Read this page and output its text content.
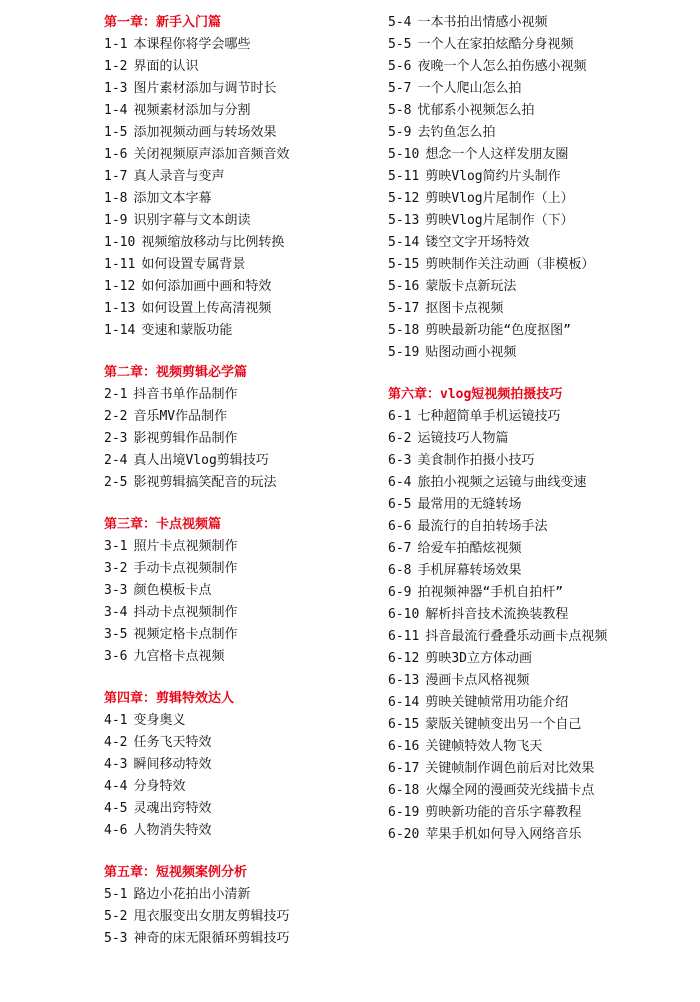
第一章：新手入门篇
1-1 本课程你将学会哪些
1-2 界面的认识
1-3 图片素材添加与调节时长
1-4 视频素材添加与分割
1-5 添加视频动画与转场效果
1-6 关闭视频原声添加音频音效
1-7 真人录音与变声
1-8 添加文本字幕
1-9 识别字幕与文本朗读
1-10 视频缩放移动与比例转换
1-11 如何设置专属背景
1-12 如何添加画中画和特效
1-13 如何设置上传高清视频
1-14 变速和蒙版功能
第二章：视频剪辑必学篇
2-1 抖音书单作品制作
2-2 音乐MV作品制作
2-3 影视剪辑作品制作
2-4 真人出境Vlog剪辑技巧
2-5 影视剪辑搞笑配音的玩法
第三章：卡点视频篇
3-1 照片卡点视频制作
3-2 手动卡点视频制作
3-3 颜色模板卡点
3-4 抖动卡点视频制作
3-5 视频定格卡点制作
3-6 九宫格卡点视频
第四章：剪辑特效达人
4-1 变身奥义
4-2 任务飞天特效
4-3 瞬间移动特效
4-4 分身特效
4-5 灵魂出窍特效
4-6 人物消失特效
第五章：短视频案例分析
5-1 路边小花拍出小清新
5-2 甩衣服变出女朋友剪辑技巧
5-3 神奇的床无限循环剪辑技巧
5-4 一本书拍出情感小视频
5-5 一个人在家拍炫酷分身视频
5-6 夜晚一个人怎么拍伤感小视频
5-7 一个人爬山怎么拍
5-8 忧郁系小视频怎么拍
5-9 去钓鱼怎么拍
5-10 想念一个人这样发朋友圈
5-11 剪映Vlog简约片头制作
5-12 剪映Vlog片尾制作（上）
5-13 剪映Vlog片尾制作（下）
5-14 镂空文字开场特效
5-15 剪映制作关注动画（非模板）
5-16 蒙版卡点新玩法
5-17 抠图卡点视频
5-18 剪映最新功能“色度抠图”
5-19 贴图动画小视频
第六章：vlog短视频拍摄技巧
6-1 七种超简单手机运镜技巧
6-2 运镜技巧人物篇
6-3 美食制作拍摄小技巧
6-4 旅拍小视频之运镜与曲线变速
6-5 最常用的无缝转场
6-6 最流行的自拍转场手法
6-7 给爱车拍酷炫视频
6-8 手机屏幕转场效果
6-9 拍视频神器“手机自拍杆”
6-10 解析抖音技术流换装教程
6-11 抖音最流行叠叠乐动画卡点视频
6-12 剪映3D立方体动画
6-13 漫画卡点风格视频
6-14 剪映关键帧常用功能介绍
6-15 蒙版关键帧变出另一个自己
6-16 关键帧特效人物飞天
6-17 关键帧制作调色前后对比效果
6-18 火爆全网的漫画荧光线描卡点
6-19 剪映新功能的音乐字幕教程
6-20 苹果手机如何导入网络音乐
